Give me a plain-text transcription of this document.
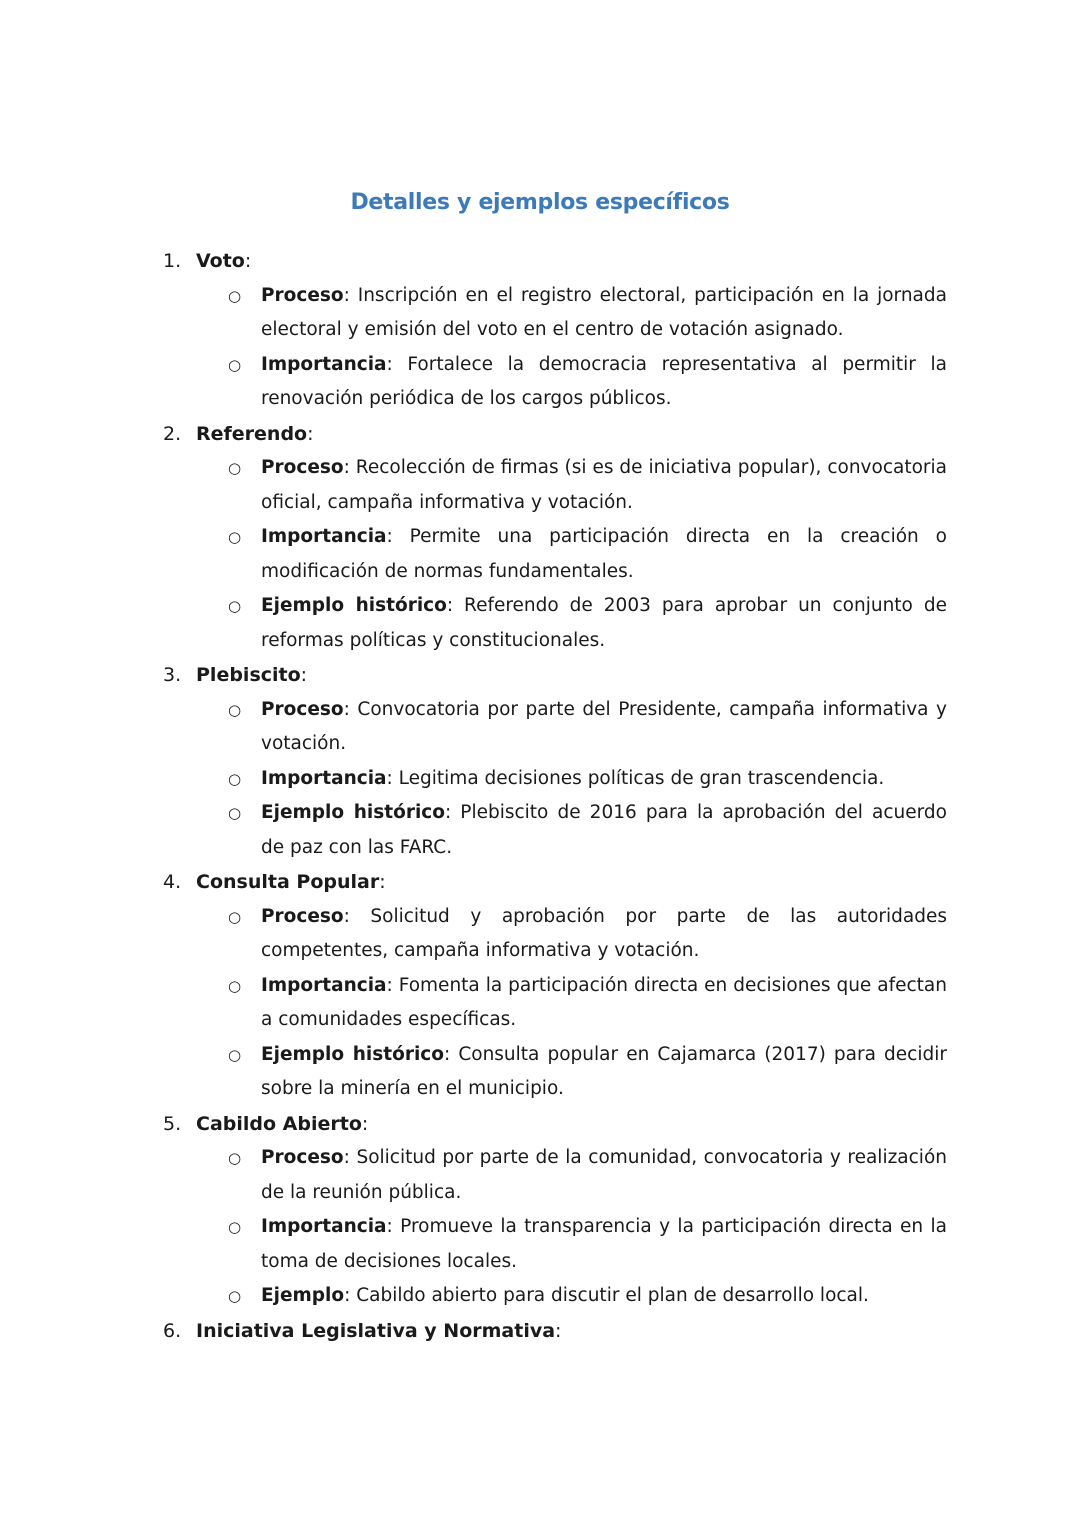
Detalles y ejemplos específicos
1. Voto:
○ Proceso: Inscripción en el registro electoral, participación en la jornada electoral y emisión del voto en el centro de votación asignado.
○ Importancia: Fortalece la democracia representativa al permitir la renovación periódica de los cargos públicos.
2. Referendo:
○ Proceso: Recolección de firmas (si es de iniciativa popular), convocatoria oficial, campaña informativa y votación.
○ Importancia: Permite una participación directa en la creación o modificación de normas fundamentales.
○ Ejemplo histórico: Referendo de 2003 para aprobar un conjunto de reformas políticas y constitucionales.
3. Plebiscito:
○ Proceso: Convocatoria por parte del Presidente, campaña informativa y votación.
○ Importancia: Legitima decisiones políticas de gran trascendencia.
○ Ejemplo histórico: Plebiscito de 2016 para la aprobación del acuerdo de paz con las FARC.
4. Consulta Popular:
○ Proceso: Solicitud y aprobación por parte de las autoridades competentes, campaña informativa y votación.
○ Importancia: Fomenta la participación directa en decisiones que afectan a comunidades específicas.
○ Ejemplo histórico: Consulta popular en Cajamarca (2017) para decidir sobre la minería en el municipio.
5. Cabildo Abierto:
○ Proceso: Solicitud por parte de la comunidad, convocatoria y realización de la reunión pública.
○ Importancia: Promueve la transparencia y la participación directa en la toma de decisiones locales.
○ Ejemplo: Cabildo abierto para discutir el plan de desarrollo local.
6. Iniciativa Legislativa y Normativa:
